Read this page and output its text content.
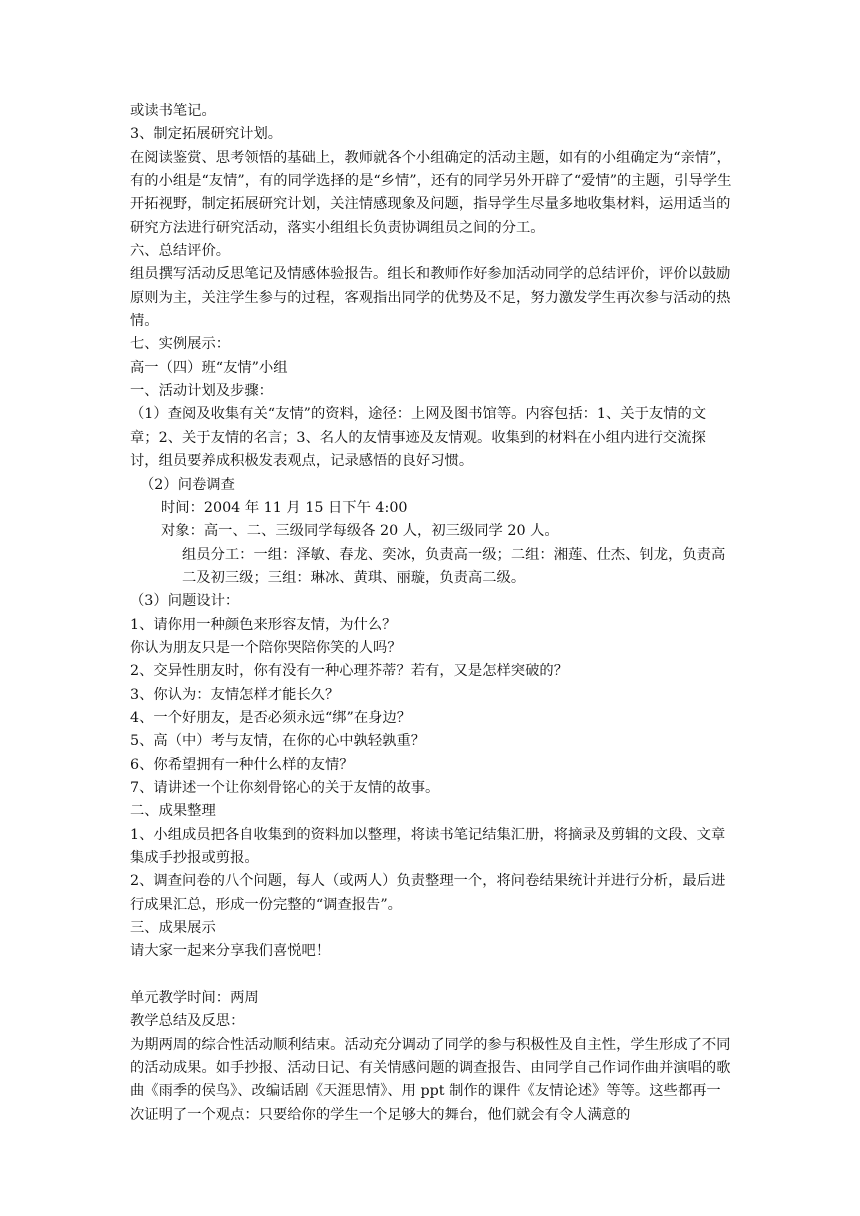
或读书笔记。

3、制定拓展研究计划。

在阅读鉴赏、思考领悟的基础上，教师就各个小组确定的活动主题，如有的小组确定为“亲情”，有的小组是“友情”，有的同学选择的是“乡情”，还有的同学另外开辟了“爱情”的主题，引导学生开拓视野，制定拓展研究计划，关注情感现象及问题，指导学生尽量多地收集材料，运用适当的研究方法进行研究活动，落实小组组长负责协调组员之间的分工。

六、总结评价。

组员撰写活动反思笔记及情感体验报告。组长和教师作好参加活动同学的总结评价，评价以鼓励原则为主，关注学生参与的过程，客观指出同学的优势及不足，努力激发学生再次参与活动的热情。

七、实例展示：

高一（四）班“友情”小组

一、活动计划及步骤：

（1）查阅及收集有关“友情”的资料，途径：上网及图书馆等。内容包括：1、关于友情的文章；2、关于友情的名言；3、名人的友情事迹及友情观。收集到的材料在小组内进行交流探讨，组员要养成积极发表观点，记录感悟的良好习惯。

（2）问卷调查

时间：2004 年 11 月 15 日下午 4:00

对象：高一、二、三级同学每级各 20 人，初三级同学 20 人。

组员分工：一组：泽敏、春龙、奕冰，负责高一级；二组：湘莲、仕杰、钊龙，负责高二及初三级；三组：琳冰、黄琪、丽璇，负责高二级。

（3）问题设计：

1、请你用一种颜色来形容友情，为什么？

你认为朋友只是一个陪你哭陪你笑的人吗？

2、交异性朋友时，你有没有一种心理芥蒂？若有，又是怎样突破的？

3、你认为：友情怎样才能长久？

4、一个好朋友，是否必须永远“绑”在身边？

5、高（中）考与友情，在你的心中孰轻孰重？

6、你希望拥有一种什么样的友情？

7、请讲述一个让你刻骨铭心的关于友情的故事。

二、成果整理

1、小组成员把各自收集到的资料加以整理，将读书笔记结集汇册，将摘录及剪辑的文段、文章集成手抄报或剪报。

2、调查问卷的八个问题，每人（或两人）负责整理一个，将问卷结果统计并进行分析，最后进行成果汇总，形成一份完整的“调查报告”。

三、成果展示

请大家一起来分享我们喜悦吧！

单元教学时间：两周

教学总结及反思：

为期两周的综合性活动顺利结束。活动充分调动了同学的参与积极性及自主性，学生形成了不同的活动成果。如手抄报、活动日记、有关情感问题的调查报告、由同学自己作词作曲并演唱的歌曲《雨季的侯鸟》、改编话剧《天涯思情》、用 ppt 制作的课件《友情论述》等等。这些都再一次证明了一个观点：只要给你的学生一个足够大的舞台，他们就会有令人满意的
